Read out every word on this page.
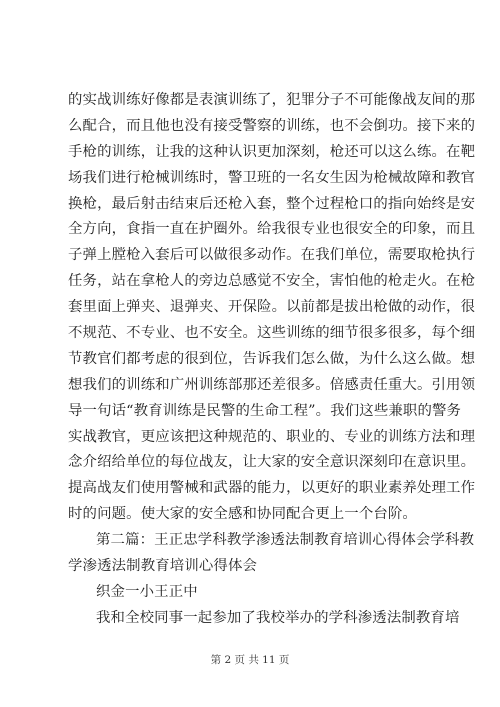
的实战训练好像都是表演训练了，犯罪分子不可能像战友间的那
么配合，而且他也没有接受警察的训练，也不会倒功。接下来的
手枪的训练，让我的这种认识更加深刻，枪还可以这么练。在靶
场我们进行枪械训练时，警卫班的一名女生因为枪械故障和教官
换枪，最后射击结束后还枪入套，整个过程枪口的指向始终是安
全方向，食指一直在护圈外。给我很专业也很安全的印象，而且
子弹上膛枪入套后可以做很多动作。在我们单位，需要取枪执行
任务，站在拿枪人的旁边总感觉不安全，害怕他的枪走火。在枪
套里面上弹夹、退弹夹、开保险。以前都是拔出枪做的动作，很
不规范、不专业、也不安全。这些训练的细节很多很多，每个细
节教官们都考虑的很到位，告诉我们怎么做，为什么这么做。想
想我们的训练和广州训练部那还差很多。倍感责任重大。引用领
导一句话“教育训练是民警的生命工程”。我们这些兼职的警务
实战教官，更应该把这种规范的、职业的、专业的训练方法和理
念介绍给单位的每位战友，让大家的安全意识深刻印在意识里。
提高战友们使用警械和武器的能力，以更好的职业素养处理工作
时的问题。使大家的安全感和协同配合更上一个台阶。
第二篇：王正忠学科教学渗透法制教育培训心得体会学科教
学渗透法制教育培训心得体会
织金一小王正中
我和全校同事一起参加了我校举办的学科渗透法制教育培
第 2 页 共 11 页
